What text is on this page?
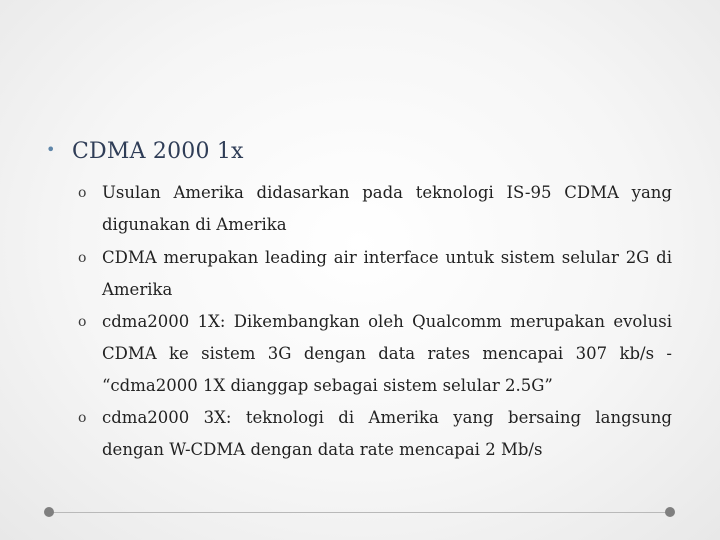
• CDMA 2000 1x
o Usulan Amerika didasarkan pada teknologi IS-95 CDMA yang digunakan di Amerika
o CDMA merupakan leading air interface untuk sistem selular 2G di Amerika
o cdma2000 1X: Dikembangkan oleh Qualcomm merupakan evolusi CDMA ke sistem 3G dengan data rates mencapai 307 kb/s - “cdma2000 1X dianggap sebagai sistem selular 2.5G”
o cdma2000 3X: teknologi di Amerika yang bersaing langsung dengan W-CDMA dengan data rate mencapai 2 Mb/s
